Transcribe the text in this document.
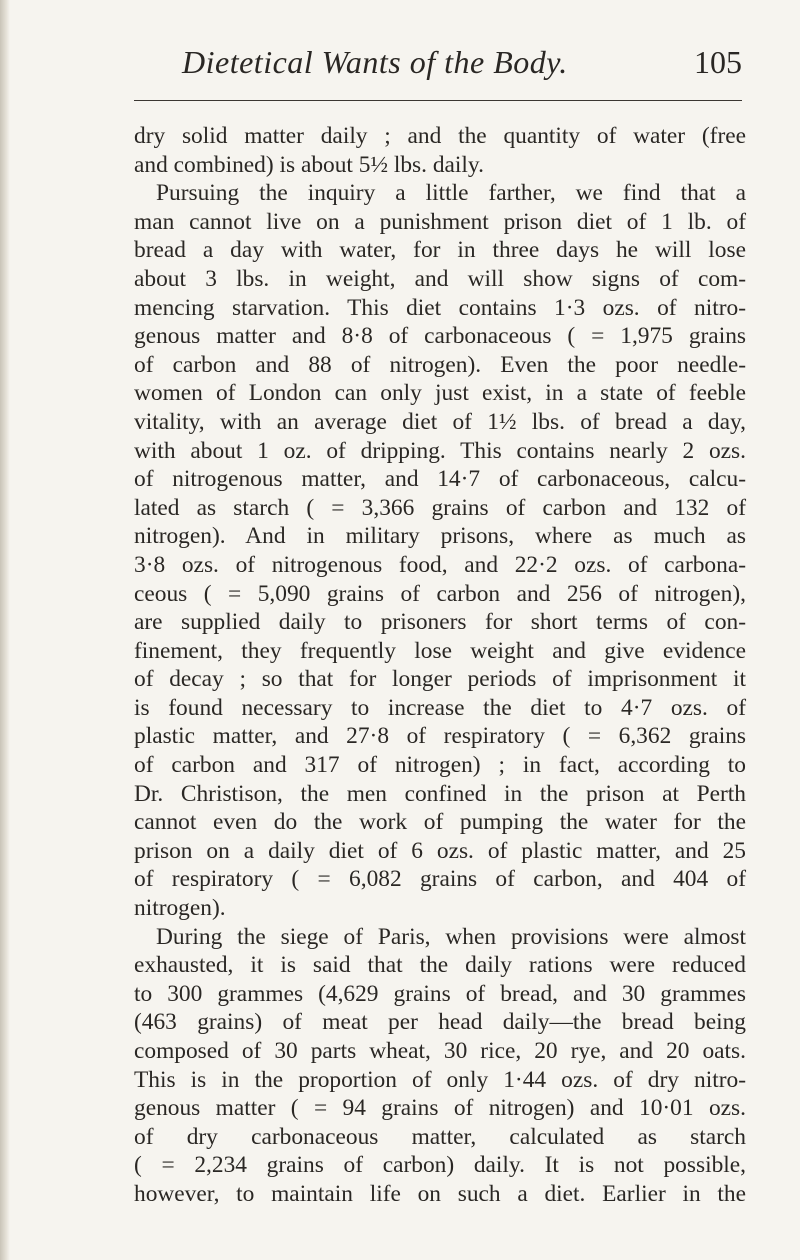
Dietetical Wants of the Body.	105
dry solid matter daily ; and the quantity of water (free
and combined) is about 5½ lbs. daily.
Pursuing the inquiry a little farther, we find that a
man cannot live on a punishment prison diet of 1 lb. of
bread a day with water, for in three days he will lose
about 3 lbs. in weight, and will show signs of com-
mencing starvation. This diet contains 1·3 ozs. of nitro-
genous matter and 8·8 of carbonaceous ( = 1,975 grains
of carbon and 88 of nitrogen). Even the poor needle-
women of London can only just exist, in a state of feeble
vitality, with an average diet of 1½ lbs. of bread a day,
with about 1 oz. of dripping. This contains nearly 2 ozs.
of nitrogenous matter, and 14·7 of carbonaceous, calcu-
lated as starch ( = 3,366 grains of carbon and 132 of
nitrogen). And in military prisons, where as much as
3·8 ozs. of nitrogenous food, and 22·2 ozs. of carbona-
ceous ( = 5,090 grains of carbon and 256 of nitrogen),
are supplied daily to prisoners for short terms of con-
finement, they frequently lose weight and give evidence
of decay ; so that for longer periods of imprisonment it
is found necessary to increase the diet to 4·7 ozs. of
plastic matter, and 27·8 of respiratory ( = 6,362 grains
of carbon and 317 of nitrogen) ; in fact, according to
Dr. Christison, the men confined in the prison at Perth
cannot even do the work of pumping the water for the
prison on a daily diet of 6 ozs. of plastic matter, and 25
of respiratory ( = 6,082 grains of carbon, and 404 of
nitrogen).
During the siege of Paris, when provisions were almost
exhausted, it is said that the daily rations were reduced
to 300 grammes (4,629 grains of bread, and 30 grammes
(463 grains) of meat per head daily—the bread being
composed of 30 parts wheat, 30 rice, 20 rye, and 20 oats.
This is in the proportion of only 1·44 ozs. of dry nitro-
genous matter ( = 94 grains of nitrogen) and 10·01 ozs.
of dry carbonaceous matter, calculated as starch
( = 2,234 grains of carbon) daily. It is not possible,
however, to maintain life on such a diet. Earlier in the
